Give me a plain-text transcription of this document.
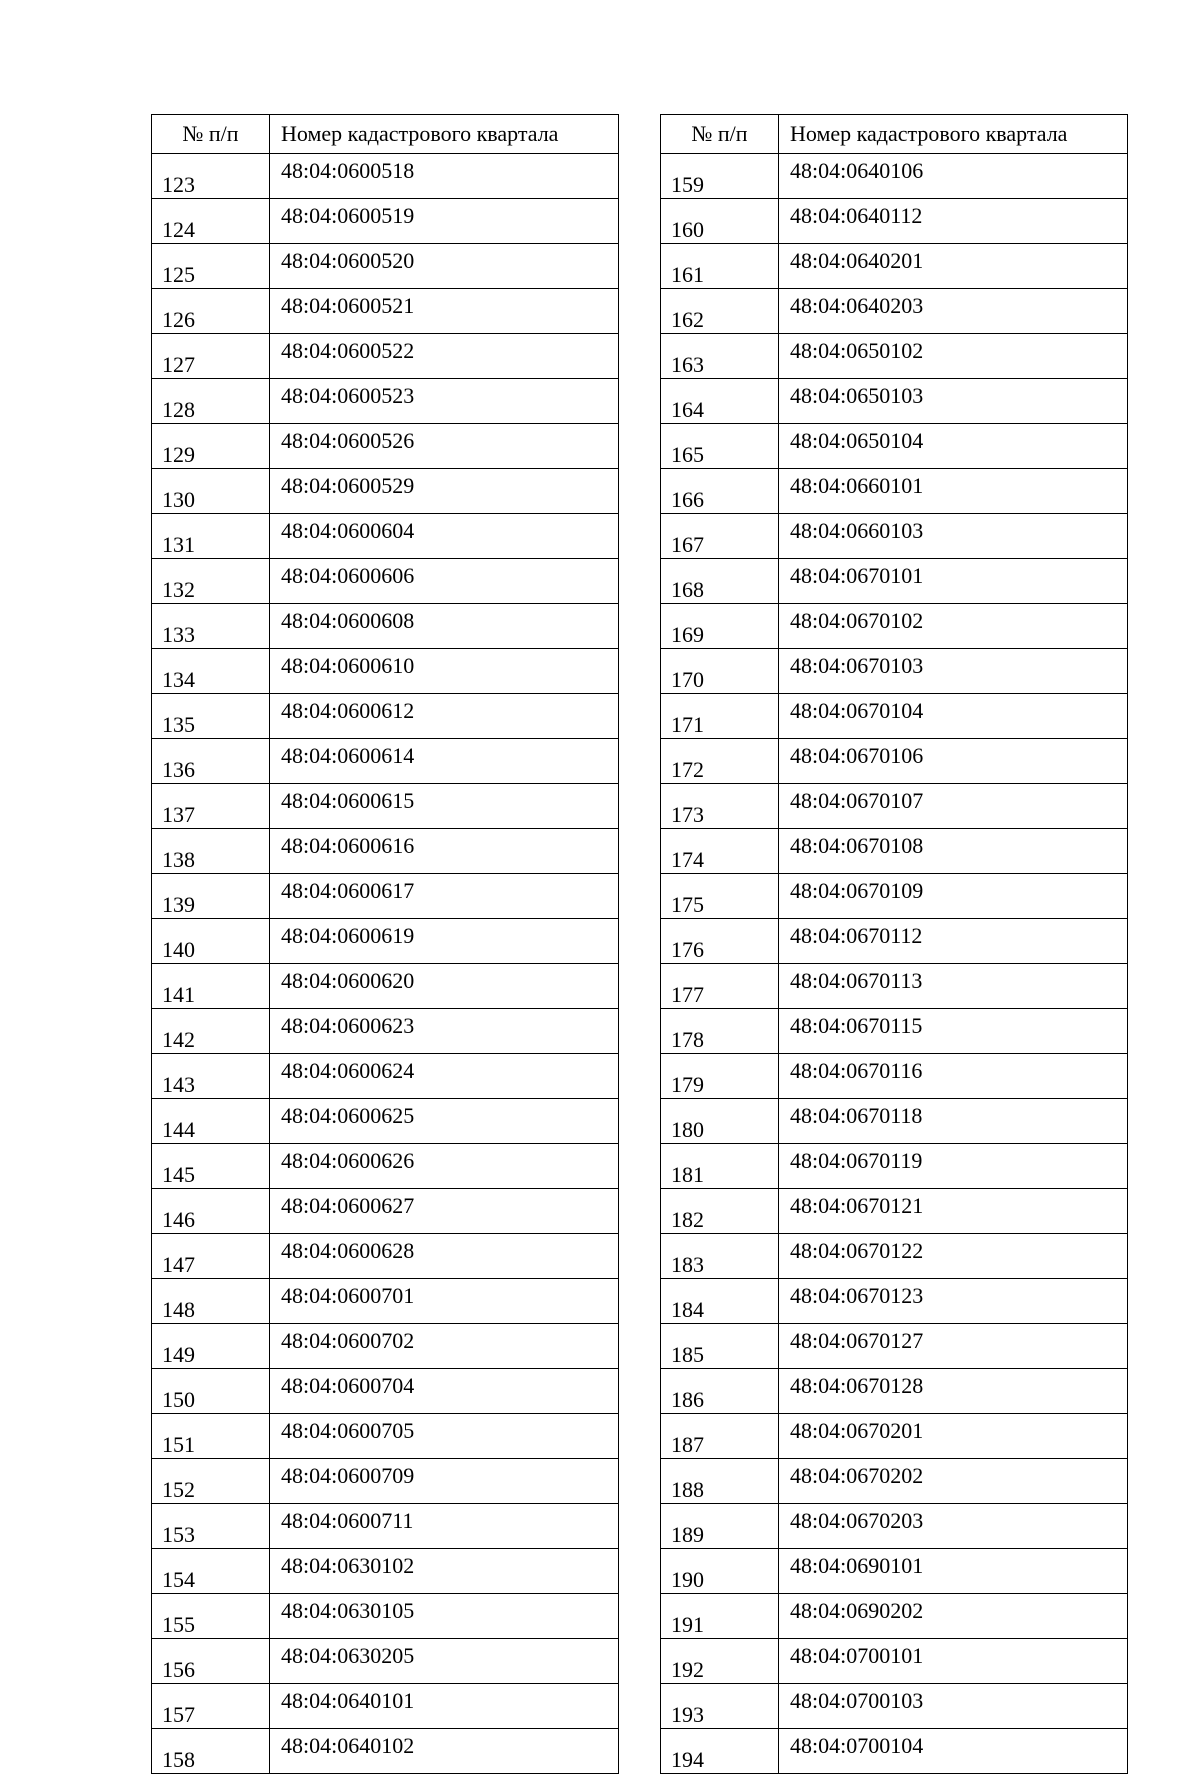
№ п/п	Номер кадастрового квартала
123	48:04:0600518
124	48:04:0600519
125	48:04:0600520
126	48:04:0600521
127	48:04:0600522
128	48:04:0600523
129	48:04:0600526
130	48:04:0600529
131	48:04:0600604
132	48:04:0600606
133	48:04:0600608
134	48:04:0600610
135	48:04:0600612
136	48:04:0600614
137	48:04:0600615
138	48:04:0600616
139	48:04:0600617
140	48:04:0600619
141	48:04:0600620
142	48:04:0600623
143	48:04:0600624
144	48:04:0600625
145	48:04:0600626
146	48:04:0600627
147	48:04:0600628
148	48:04:0600701
149	48:04:0600702
150	48:04:0600704
151	48:04:0600705
152	48:04:0600709
153	48:04:0600711
154	48:04:0630102
155	48:04:0630105
156	48:04:0630205
157	48:04:0640101
158	48:04:0640102
№ п/п	Номер кадастрового квартала
159	48:04:0640106
160	48:04:0640112
161	48:04:0640201
162	48:04:0640203
163	48:04:0650102
164	48:04:0650103
165	48:04:0650104
166	48:04:0660101
167	48:04:0660103
168	48:04:0670101
169	48:04:0670102
170	48:04:0670103
171	48:04:0670104
172	48:04:0670106
173	48:04:0670107
174	48:04:0670108
175	48:04:0670109
176	48:04:0670112
177	48:04:0670113
178	48:04:0670115
179	48:04:0670116
180	48:04:0670118
181	48:04:0670119
182	48:04:0670121
183	48:04:0670122
184	48:04:0670123
185	48:04:0670127
186	48:04:0670128
187	48:04:0670201
188	48:04:0670202
189	48:04:0670203
190	48:04:0690101
191	48:04:0690202
192	48:04:0700101
193	48:04:0700103
194	48:04:0700104
